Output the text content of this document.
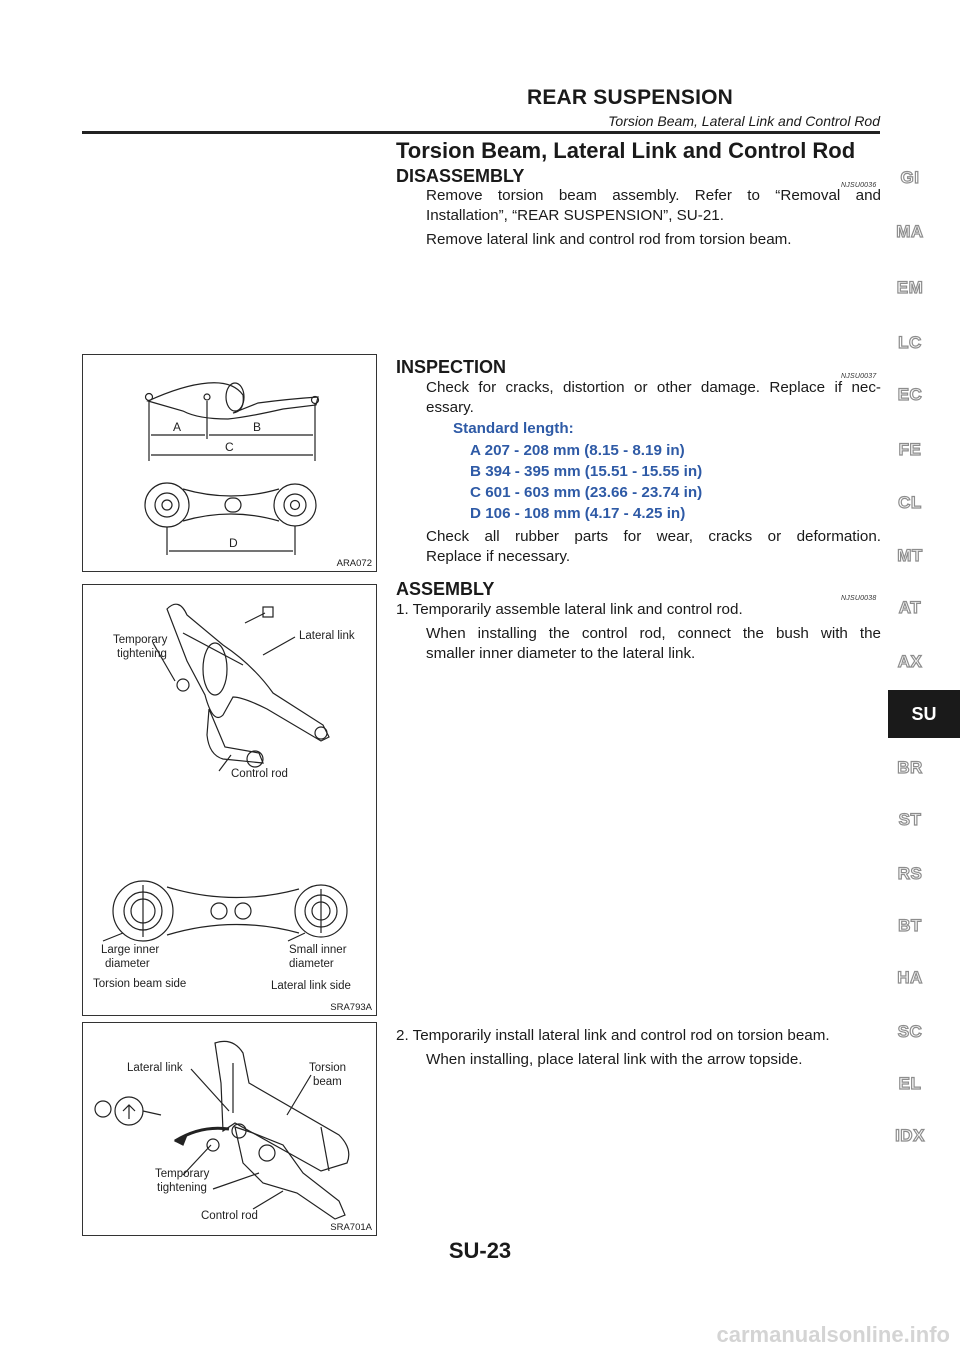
REAR SUSPENSION
Torsion Beam, Lateral Link and Control Rod
Torsion Beam, Lateral Link and Control Rod
DISASSEMBLY	NJSU0036
Remove torsion beam assembly. Refer to “Removal and
Installation”, “REAR SUSPENSION”, SU-21.
Remove lateral link and control rod from torsion beam.
A	B
C
D
ARA072
INSPECTION	NJSU0037
Check for cracks, distortion or other damage. Replace if nec-
essary.
Standard length:
A 207 - 208 mm (8.15 - 8.19 in)
B 394 - 395 mm (15.51 - 15.55 in)
C 601 - 603 mm (23.66 - 23.74 in)
D 106 - 108 mm (4.17 - 4.25 in)
Check all rubber parts for wear, cracks or deformation.
Replace if necessary.
Temporary
tightening
Lateral link
Control rod
Large inner
diameter
Small inner
diameter
Torsion beam side	Lateral link side
SRA793A
ASSEMBLY	NJSU0038
1. Temporarily assemble lateral link and control rod.
When installing the control rod, connect the bush with the
smaller inner diameter to the lateral link.
Lateral link	Torsion
beam
Temporary
tightening
Control rod
SRA701A
2. Temporarily install lateral link and control rod on torsion beam.
When installing, place lateral link with the arrow topside.
GI
MA
EM
LC
EC
FE
CL
MT
AT
AX
SU
BR
ST
RS
BT
HA
SC
EL
IDX
SU-23
carmanualsonline.info
